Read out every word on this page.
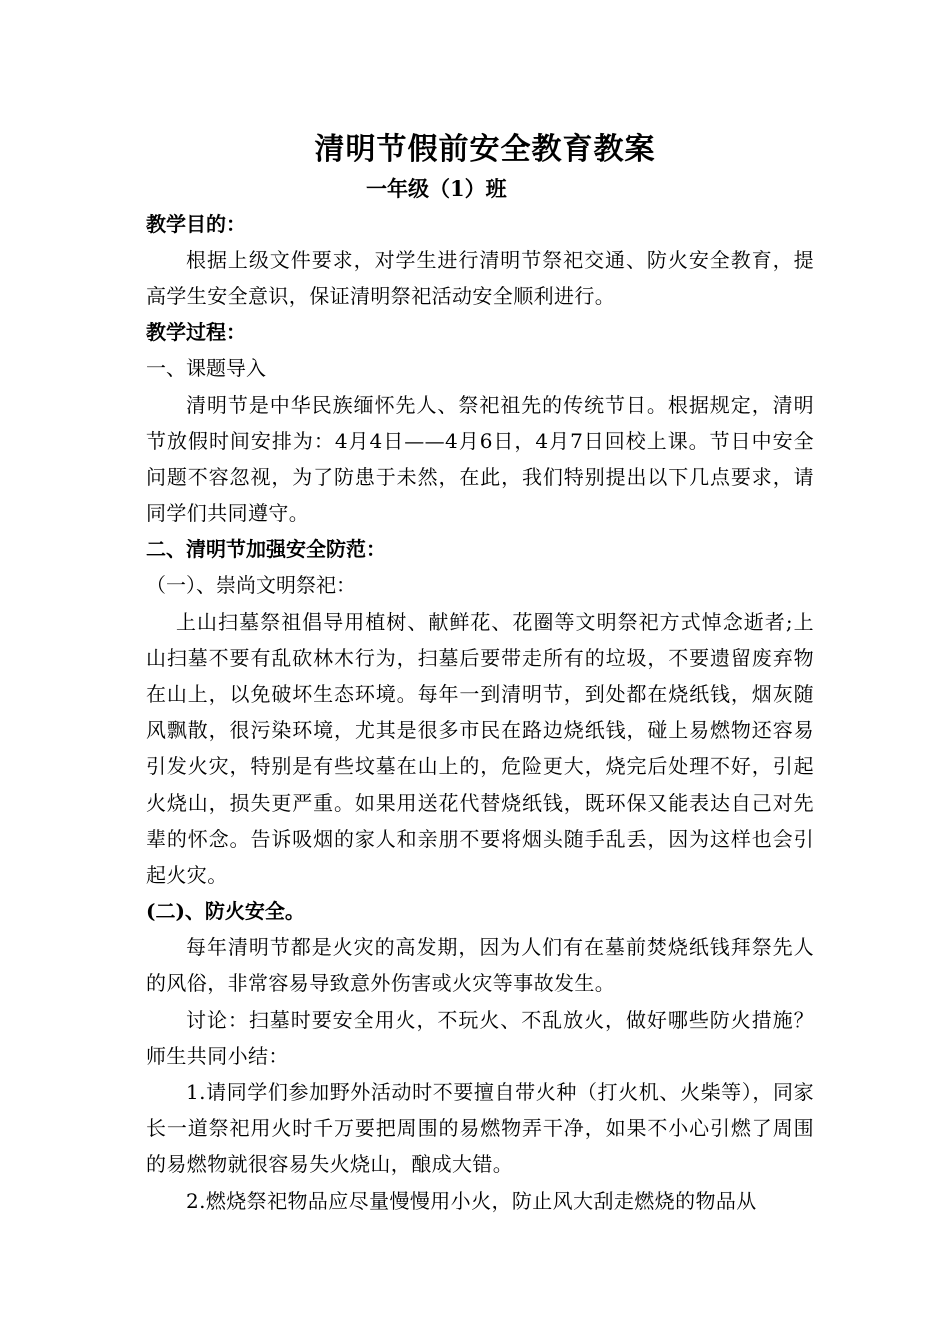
清明节假前安全教育教案

一年级（1）班

教学目的：

根据上级文件要求，对学生进行清明节祭祀交通、防火安全教育，提高学生安全意识，保证清明祭祀活动安全顺利进行。

教学过程：

一、课题导入

清明节是中华民族缅怀先人、祭祀祖先的传统节日。根据规定，清明节放假时间安排为：4月4日——4月6日，4月7日回校上课。节日中安全问题不容忽视，为了防患于未然，在此，我们特别提出以下几点要求，请同学们共同遵守。

二、清明节加强安全防范：

（一）、崇尚文明祭祀：

上山扫墓祭祖倡导用植树、献鲜花、花圈等文明祭祀方式悼念逝者;上山扫墓不要有乱砍林木行为，扫墓后要带走所有的垃圾，不要遗留废弃物在山上，以免破坏生态环境。每年一到清明节，到处都在烧纸钱，烟灰随风飘散，很污染环境，尤其是很多市民在路边烧纸钱，碰上易燃物还容易引发火灾，特别是有些坟墓在山上的，危险更大，烧完后处理不好，引起火烧山，损失更严重。如果用送花代替烧纸钱，既环保又能表达自己对先辈的怀念。告诉吸烟的家人和亲朋不要将烟头随手乱丢，因为这样也会引起火灾。

(二)、防火安全。

每年清明节都是火灾的高发期，因为人们有在墓前焚烧纸钱拜祭先人的风俗，非常容易导致意外伤害或火灾等事故发生。

讨论：扫墓时要安全用火，不玩火、不乱放火，做好哪些防火措施？师生共同小结：

1.请同学们参加野外活动时不要擅自带火种（打火机、火柴等），同家长一道祭祀用火时千万要把周围的易燃物弄干净，如果不小心引燃了周围的易燃物就很容易失火烧山，酿成大错。

2.燃烧祭祀物品应尽量慢慢用小火，防止风大刮走燃烧的物品从
